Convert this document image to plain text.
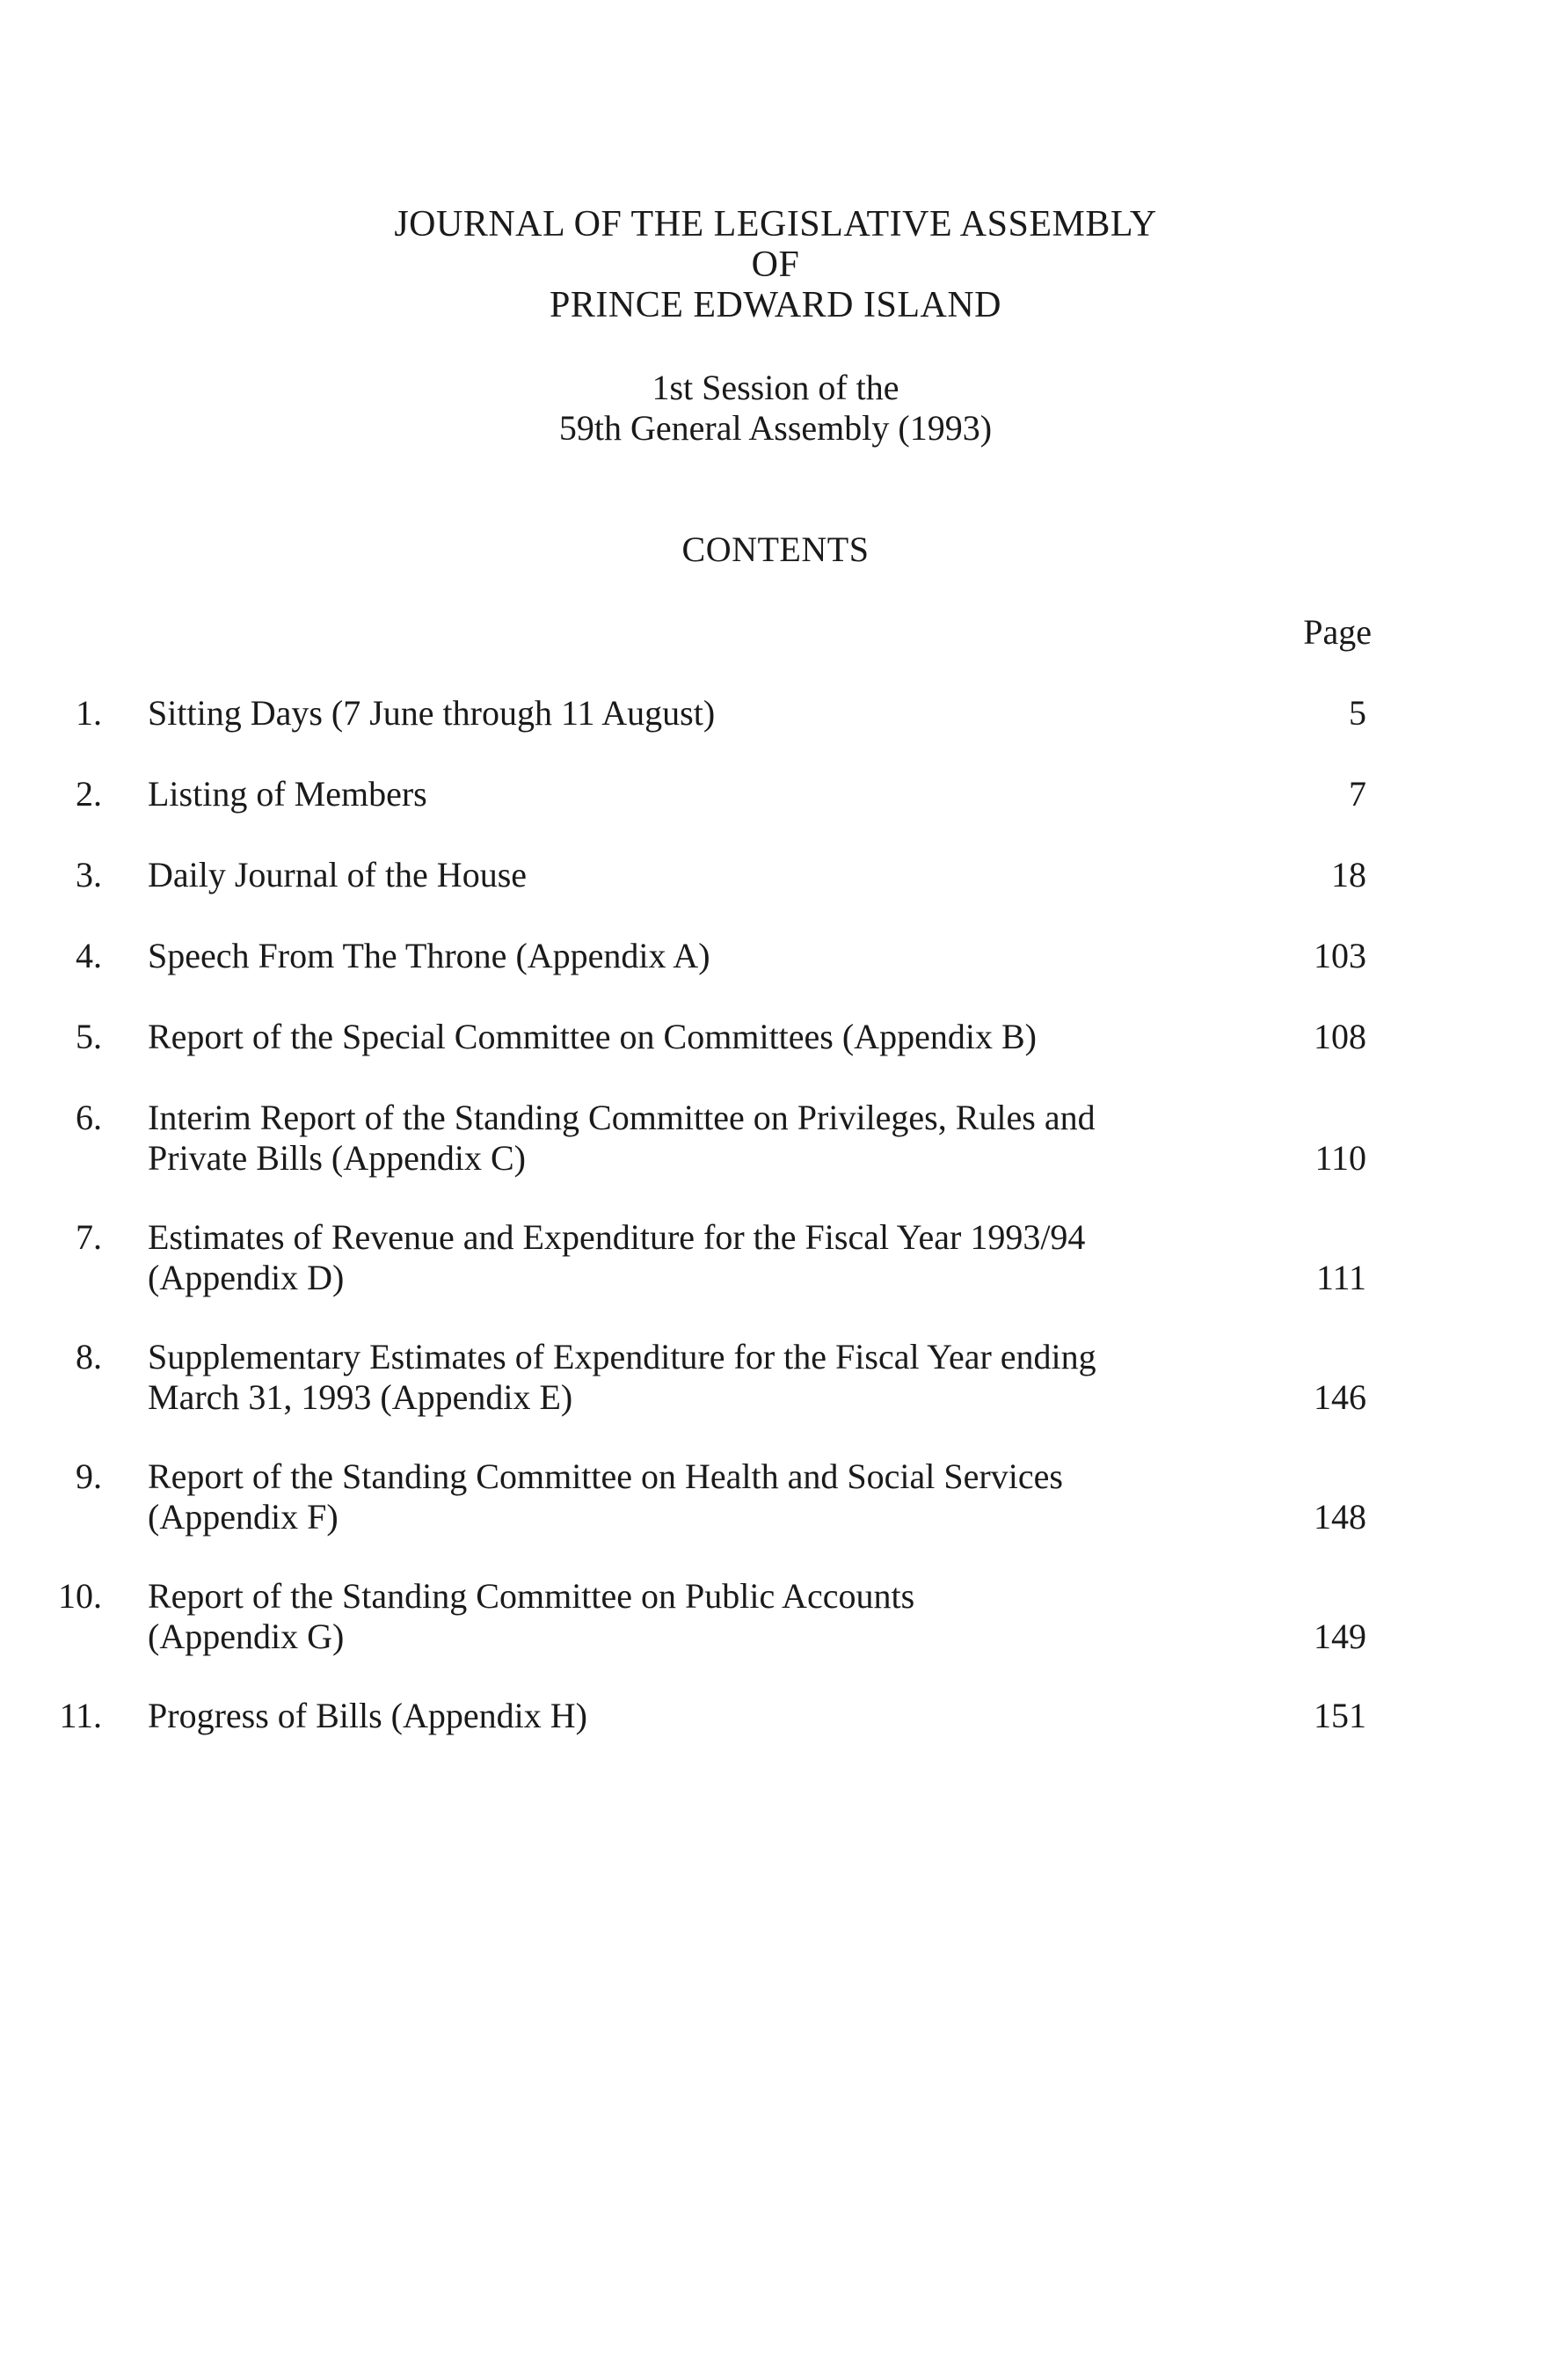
JOURNAL OF THE LEGISLATIVE ASSEMBLY
OF
PRINCE EDWARD ISLAND
1st Session of the
59th General Assembly (1993)
CONTENTS
Page
1. Sitting Days (7 June through 11 August)	5
2. Listing of Members	7
3. Daily Journal of the House	18
4. Speech From The Throne (Appendix A)	103
5. Report of the Special Committee on Committees (Appendix B)	108
6. Interim Report of the Standing Committee on Privileges, Rules and
Private Bills (Appendix C)	110
7. Estimates of Revenue and Expenditure for the Fiscal Year 1993/94
(Appendix D)	111
8. Supplementary Estimates of Expenditure for the Fiscal Year ending
March 31, 1993 (Appendix E)	146
9. Report of the Standing Committee on Health and Social Services
(Appendix F)	148
10. Report of the Standing Committee on Public Accounts
(Appendix G)	149
11. Progress of Bills (Appendix H)	151
